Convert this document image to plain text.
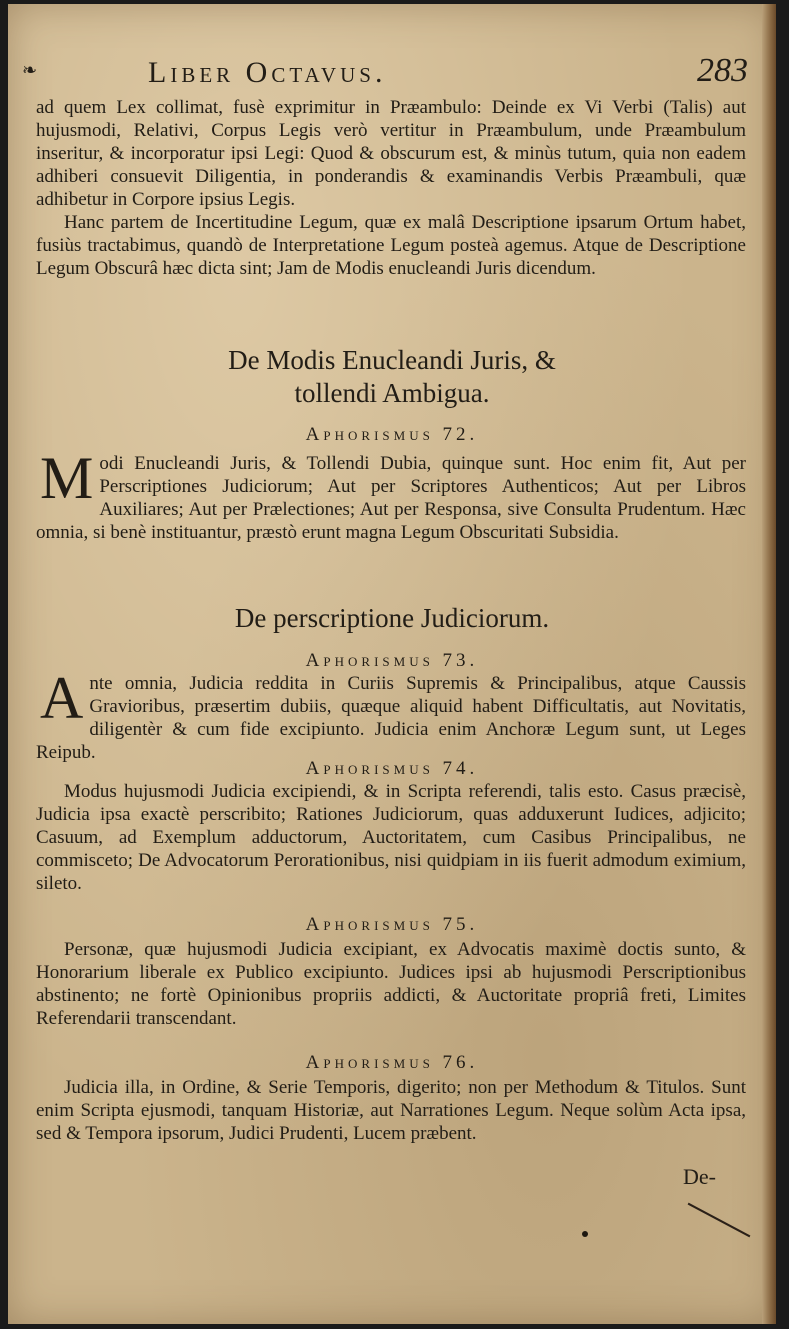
❧	Liber Octavus.	283

ad quem Lex collimat, fusè exprimitur in Præambulo: Deinde ex Vi Verbi (Talis) aut hujusmodi, Relativi, Corpus Legis verò vertitur in Præambulum, unde Præambulum inseritur, & incorporatur ipsi Legi: Quod & obscurum est, & minùs tutum, quia non eadem adhiberi consuevit Diligentia, in ponderandis & examinandis Verbis Præambuli, quæ adhibetur in Corpore ipsius Legis.

Hanc partem de Incertitudine Legum, quæ ex malâ Descriptione ipsarum Ortum habet, fusiùs tractabimus, quandò de Interpretatione Legum posteà agemus. Atque de Descriptione Legum Obscurâ hæc dicta sint; Jam de Modis enucleandi Juris dicendum.

De Modis Enucleandi Juris, &
tollendi Ambigua.
Aphorismus 72.
M odi Enucleandi Juris, & Tollendi Dubia, quinque sunt. Hoc enim fit, Aut per Perscriptiones Judiciorum; Aut per Scriptores Authenticos; Aut per Libros Auxiliares; Aut per Prælectiones; Aut per Responsa, sive Consulta Prudentum. Hæc omnia, si benè instituantur, præstò erunt magna Legum Obscuritati Subsidia.
De perscriptione Judiciorum.
Aphorismus 73.
A nte omnia, Judicia reddita in Curiis Supremis & Principalibus, atque Caussis Gravioribus, præsertim dubiis, quæque aliquid habent Difficultatis, aut Novitatis, diligentèr & cum fide excipiunto. Judicia enim Anchoræ Legum sunt, ut Leges Reipub.
Aphorismus 74.

Modus hujusmodi Judicia excipiendi, & in Scripta referendi, talis esto. Casus præcisè, Judicia ipsa exactè perscribito; Rationes Judiciorum, quas adduxerunt Iudices, adjicito; Casuum, ad Exemplum adductorum, Auctoritatem, cum Casibus Principalibus, ne commisceto; De Advocatorum Perorationibus, nisi quidpiam in iis fuerit admodum eximium, sileto.

Aphorismus 75.

Personæ, quæ hujusmodi Judicia excipiant, ex Advocatis maximè doctis sunto, & Honorarium liberale ex Publico excipiunto. Judices ipsi ab hujusmodi Perscriptionibus abstinento; ne fortè Opinionibus propriis addicti, & Auctoritate propriâ freti, Limites Referendarii transcendant.

Aphorismus 76.

Judicia illa, in Ordine, & Serie Temporis, digerito; non per Methodum & Titulos. Sunt enim Scripta ejusmodi, tanquam Historiæ, aut Narrationes Legum. Neque solùm Acta ipsa, sed & Tempora ipsorum, Judici Prudenti, Lucem præbent.

De-
